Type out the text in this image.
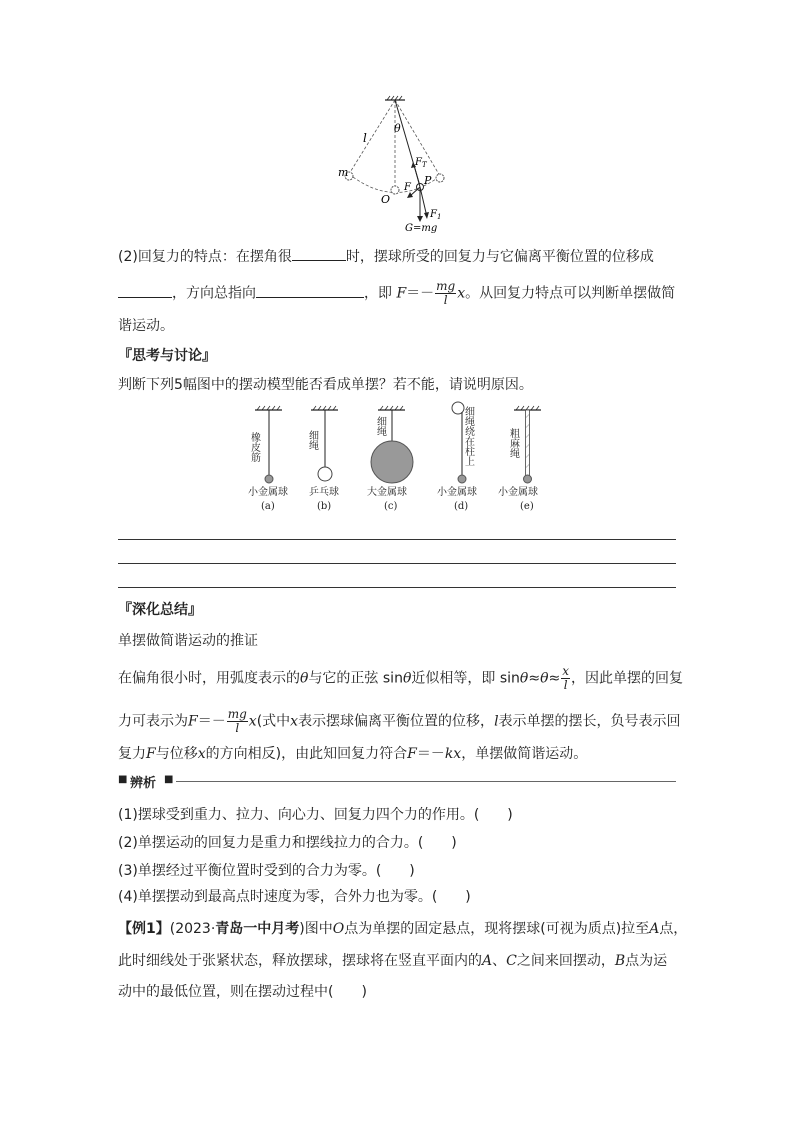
l
θ
m
O
F
P
$F_T$
$F_1$
G=mg
(2)回复力的特点：在摆角很	时，摆球所受的回复力与它偏离平衡位置的位移成
，方向总指向	，即 $F=- \frac{mg}{l}$ x。从回复力特点可以判断单摆做简
谐运动。
『思考与讨论』
判断下列5幅图中的摆动模型能否看成单摆？若不能，请说明原因。
橡皮筋
小金属球
(a)
细绳
乒乓球
(b)
细绳
大金属球
(c)
细绳绕在柱上
小金属球
(d)
粗麻绳
小金属球
(e)
『深化总结』
单摆做简谐运动的推证
在偏角很小时，用弧度表示的θ与它的正弦 sinθ近似相等，即 $\sin\theta\approx\theta\approx \frac{x}{l}$ ，因此单摆的回复
力可表示为$F=- \frac{mg}{l} x$(式中x表示摆球偏离平衡位置的位移，l表示单摆的摆长，负号表示回
复力F与位移x的方向相反)，由此知回复力符合F＝－kx，单摆做简谐运动。
■ 辨析 ■
(1)摆球受到重力、拉力、向心力、回复力四个力的作用。(　　)
(2)单摆运动的回复力是重力和摆线拉力的合力。(　　)
(3)单摆经过平衡位置时受到的合力为零。(　　)
(4)单摆摆动到最高点时速度为零，合外力也为零。(　　)
【例1】(2023·青岛一中月考)图中O点为单摆的固定悬点，现将摆球(可视为质点)拉至A点，
此时细线处于张紧状态，释放摆球，摆球将在竖直平面内的A、C之间来回摆动，B点为运
动中的最低位置，则在摆动过程中(　　)
